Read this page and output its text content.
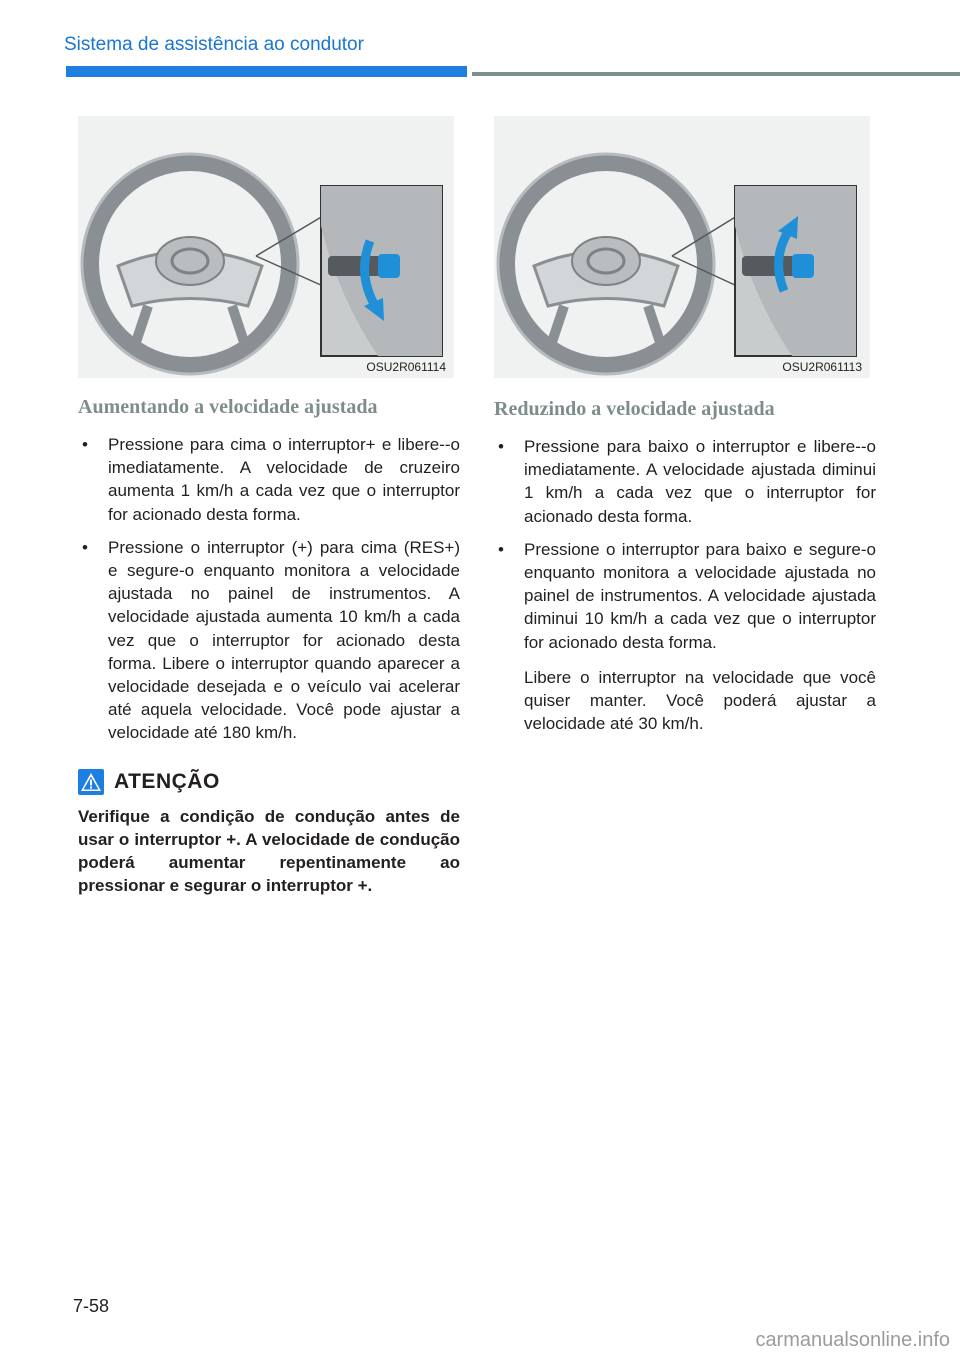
Sistema de assistência ao condutor
OSU2R061114	OSU2R061113
Aumentando a velocidade ajustada
• Pressione para cima o interruptor+ e libere--o imediatamente. A velocidade de cruzeiro aumenta 1 km/h a cada vez que o interruptor for acionado desta forma.
• Pressione o interruptor (+) para cima (RES+) e segure-o enquanto monitora a velocidade ajustada no painel de instrumentos. A velocidade ajustada aumenta 10 km/h a cada vez que o interruptor for acionado desta forma. Libere o interruptor quando aparecer a velocidade desejada e o veículo vai acelerar até aquela velocidade. Você pode ajustar a velocidade até 180 km/h.
ATENÇÃO

Verifique a condição de condução antes de usar o interruptor +. A velocidade de condução poderá aumentar repentinamente ao pressionar e segurar o interruptor +.

Reduzindo a velocidade ajustada
• Pressione para baixo o interruptor e libere--o imediatamente. A velocidade ajustada diminui 1 km/h a cada vez que o interruptor for acionado desta forma.
• Pressione o interruptor para baixo e segure-o enquanto monitora a velocidade ajustada no painel de instrumentos. A velocidade ajustada diminui 10 km/h a cada vez que o interruptor for acionado desta forma.

Libere o interruptor na velocidade que você quiser manter. Você poderá ajustar a velocidade até 30 km/h.

7-58
carmanualsonline.info
